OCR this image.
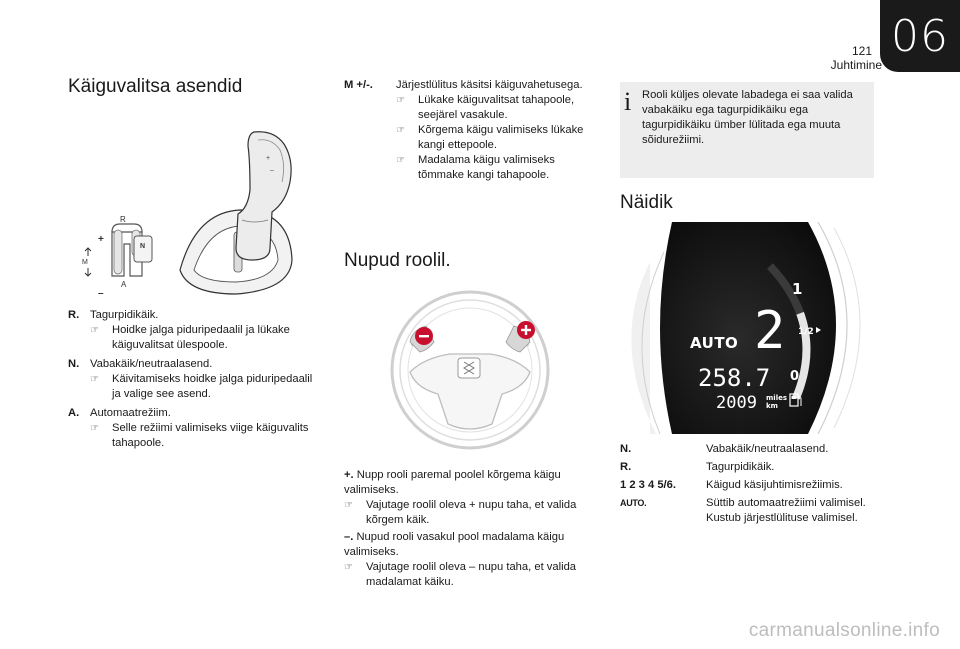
06
121
Juhtimine
Käiguvalitsa asendid
R
N
A
M
+
–
+
–
R. Tagurpidikäik.
☞ Hoidke jalga piduripedaalil ja lükake käiguvalitsat ülespoole.
N. Vabakäik/neutraalasend.
☞ Käivitamiseks hoidke jalga piduripedaalil ja valige see asend.
A. Automaatrežiim.
☞ Selle režiimi valimiseks viige käiguvalits tahapoole.
M +/-.	Järjestlülitus käsitsi käiguvahetusega.
☞ Lükake käiguvalitsat tahapoole, seejärel vasakule.
☞ Kõrgema käigu valimiseks lükake kangi ettepoole.
☞ Madalama käigu valimiseks tõmmake kangi tahapoole.
Nupud roolil.
+. Nupp rooli paremal poolel kõrgema käigu valimiseks.
☞ Vajutage roolil oleva + nupu taha, et valida kõrgem käik.
–. Nupud rooli vasakul pool madalama käigu valimiseks.
☞ Vajutage roolil oleva – nupu taha, et valida madalamat käiku.
i Rooli küljes olevate labadega ei saa valida vabakäiku ega tagurpidikäiku ega tagurpidikäiku ümber lülitada ega muuta sõidurežiimi.
Näidik
1
1/2
0
AUTO 2
258.7
2009 miles
km
N.	Vabakäik/neutraalasend.
R.	Tagurpidikäik.
1 2 3 4 5/6.	Käigud käsijuhtimisrežiimis.
AUTO.	Süttib automaatrežiimi valimisel. Kustub järjestlülituse valimisel.
carmanualsonline.info
